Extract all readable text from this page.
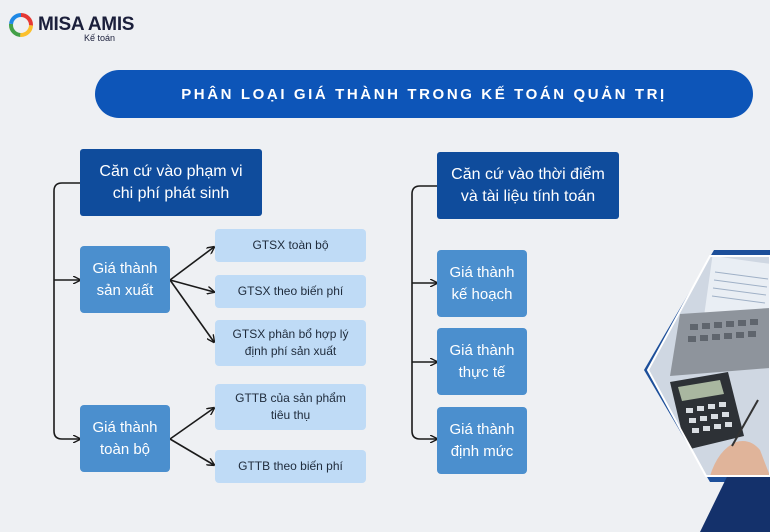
MISA AMIS
Kế toán
PHÂN LOẠI GIÁ THÀNH TRONG KẾ TOÁN QUẢN TRỊ
Căn cứ vào phạm vi
chi phí phát sinh
Giá thành
sản xuất
GTSX toàn bộ
GTSX theo biến phí
GTSX phân bổ hợp lý
định phí sản xuất
Giá thành
toàn bộ
GTTB của sản phẩm
tiêu thụ
GTTB theo biến phí
Căn cứ vào thời điểm
và tài liệu tính toán
Giá thành
kế hoạch
Giá thành
thực tế
Giá thành
định mức
